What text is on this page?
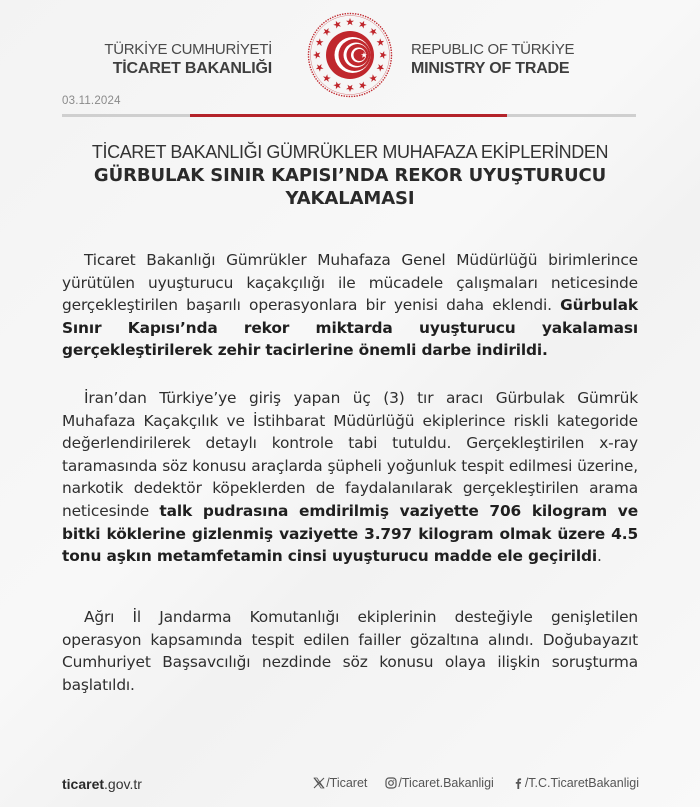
TÜRKİYE CUMHURİYETİ
TİCARET BAKANLIĞI
REPUBLIC OF TÜRKİYE
MINISTRY OF TRADE
03.11.2024
TİCARET BAKANLIĞI GÜMRÜKLER MUHAFAZA EKİPLERİNDEN
GÜRBULAK SINIR KAPISI’NDA REKOR UYUŞTURUCU
YAKALAMASI

Ticaret Bakanlığı Gümrükler Muhafaza Genel Müdürlüğü birimlerince yürütülen uyuşturucu kaçakçılığı ile mücadele çalışmaları neticesinde gerçekleştirilen başarılı operasyonlara bir yenisi daha eklendi. Gürbulak Sınır Kapısı’nda rekor miktarda uyuşturucu yakalaması gerçekleştirilerek zehir tacirlerine önemli darbe indirildi.

İran’dan Türkiye’ye giriş yapan üç (3) tır aracı Gürbulak Gümrük Muhafaza Kaçakçılık ve İstihbarat Müdürlüğü ekiplerince riskli kategoride değerlendirilerek detaylı kontrole tabi tutuldu. Gerçekleştirilen x-ray taramasında söz konusu araçlarda şüpheli yoğunluk tespit edilmesi üzerine, narkotik dedektör köpeklerden de faydalanılarak gerçekleştirilen arama neticesinde talk pudrasına emdirilmiş vaziyette 706 kilogram ve bitki köklerine gizlenmiş vaziyette 3.797 kilogram olmak üzere 4.5 tonu aşkın metamfetamin cinsi uyuşturucu madde ele geçirildi.

Ağrı İl Jandarma Komutanlığı ekiplerinin desteğiyle genişletilen operasyon kapsamında tespit edilen failler gözaltına alındı. Doğubayazıt Cumhuriyet Başsavcılığı nezdinde söz konusu olaya ilişkin soruşturma başlatıldı.

ticaret.gov.tr	/Ticaret /Ticaret.Bakanligi /T.C.TicaretBakanligi
